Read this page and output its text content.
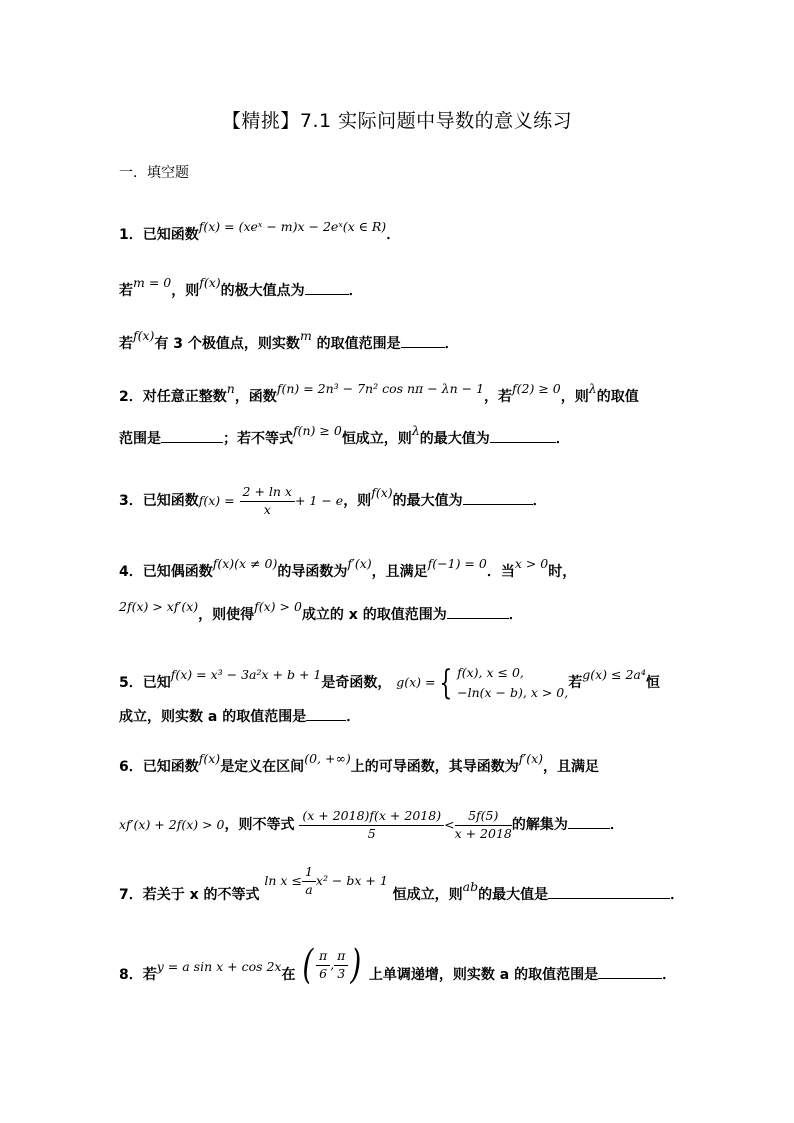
【精挑】7.1 实际问题中导数的意义练习
一．填空题
1．已知函数f(x) = (xeˣ − m)x − 2eˣ(x ∈ R)．
若m = 0，则f(x)的极大值点为	．
若f(x)有 3 个极值点，则实数m 的取值范围是	．
2．对任意正整数n，函数f(n) = 2n³ − 7n² cos nπ − λn − 1，若f(2) ≥ 0，则λ的取值
范围是	；若不等式f(n) ≥ 0恒成立，则λ的最大值为	．
3．已知函数$f(x) = \frac{\text{2 + ln x}}{x} + 1 - e$，则f(x)的最大值为	．
4．已知偶函数f(x)(x ≠ 0)的导函数为f′(x)，且满足f(−1) = 0．当x > 0时，
2f(x) > xf′(x)，则使得f(x) > 0成立的 x 的取值范围为	．
5．已知f(x) = x³ − 3a²x + b + 1是奇函数， g(x) = { f(x), x ≤ 0,
−ln(x − b), x > 0,
若g(x) ≤ 2a⁴恒
成立，则实数 a 的取值范围是	．
6．已知函数f(x)是定义在区间(0, +∞)上的可导函数，其导函数为f′(x)，且满足
xf′(x) + 2f(x) > 0，则不等式 $\frac{(x + 2018)f(x + 2018)}{5} < \frac{5f(5)}{x + 2018}$ 的解集为	．
7．若关于 x 的不等式 $\ln x \le \frac{1}{a} x^2$ − bx + 1 恒成立，则ab的最大值是	．
8．若y = a sin x + cos 2x在 ( $\frac{\pi}{6}$ , $\frac{\pi}{3}$ ) 上单调递增，则实数 a 的取值范围是	．
